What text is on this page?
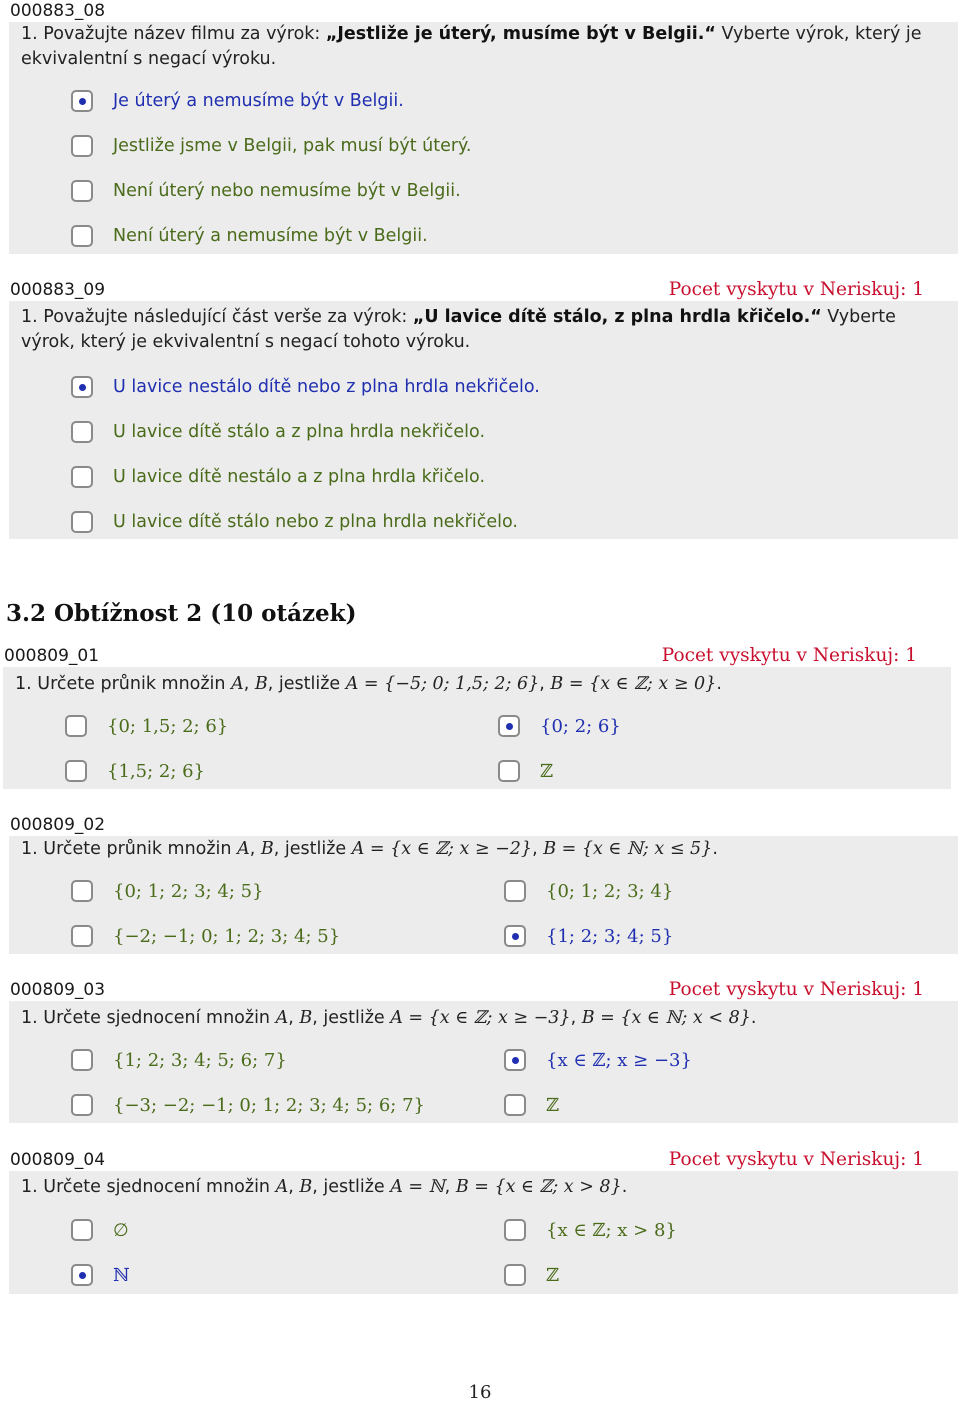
000883_08
1. Považujte název filmu za výrok: „Jestliže je úterý, musíme být v Belgii.“ Vyberte výrok, který je ekvivalentní s negací výroku.
Je úterý a nemusíme být v Belgii.
Jestliže jsme v Belgii, pak musí být úterý.
Není úterý nebo nemusíme být v Belgii.
Není úterý a nemusíme být v Belgii.
000883_09	Pocet vyskytu v Neriskuj: 1
1. Považujte následující část verše za výrok: „U lavice dítě stálo, z plna hrdla křičelo.“ Vyberte výrok, který je ekvivalentní s negací tohoto výroku.
U lavice nestálo dítě nebo z plna hrdla nekřičelo.
U lavice dítě stálo a z plna hrdla nekřičelo.
U lavice dítě nestálo a z plna hrdla křičelo.
U lavice dítě stálo nebo z plna hrdla nekřičelo.
3.2 Obtížnost 2 (10 otázek)
000809_01	Pocet vyskytu v Neriskuj: 1
1. Určete průnik množin A, B, jestliže A = {−5; 0; 1,5; 2; 6}, B = {x ∈ ℤ; x ≥ 0}.
{0; 1,5; 2; 6}	{0; 2; 6}
{1,5; 2; 6}	ℤ
000809_02
1. Určete průnik množin A, B, jestliže A = {x ∈ ℤ; x ≥ −2}, B = {x ∈ ℕ; x ≤ 5}.
{0; 1; 2; 3; 4; 5}	{0; 1; 2; 3; 4}
{−2; −1; 0; 1; 2; 3; 4; 5}	{1; 2; 3; 4; 5}
000809_03	Pocet vyskytu v Neriskuj: 1
1. Určete sjednocení množin A, B, jestliže A = {x ∈ ℤ; x ≥ −3}, B = {x ∈ ℕ; x < 8}.
{1; 2; 3; 4; 5; 6; 7}	{x ∈ ℤ; x ≥ −3}
{−3; −2; −1; 0; 1; 2; 3; 4; 5; 6; 7}	ℤ
000809_04	Pocet vyskytu v Neriskuj: 1
1. Určete sjednocení množin A, B, jestliže A = ℕ, B = {x ∈ ℤ; x > 8}.
∅	{x ∈ ℤ; x > 8}
ℕ	ℤ
16
